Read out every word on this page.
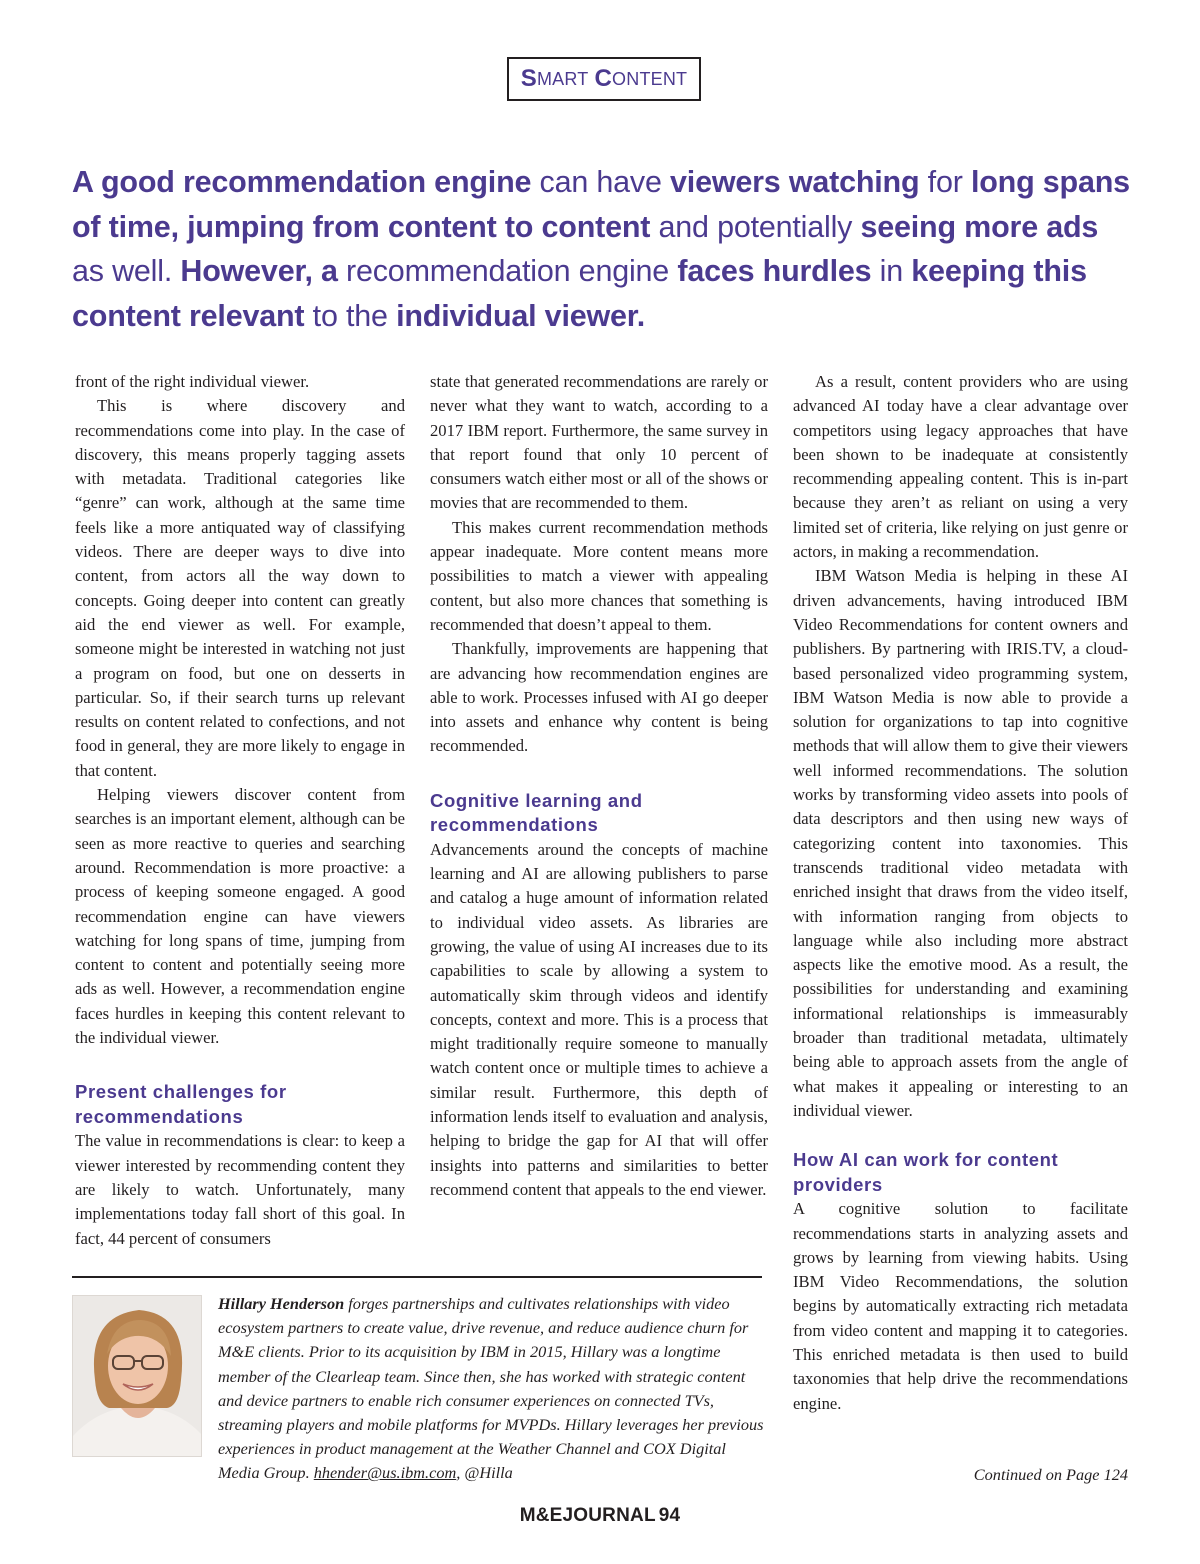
S MART
C ONTENT

A good recommendation engine can have viewers watching for long spans of time, jumping from content to content and potentially seeing more ads as well. However, a recommendation engine faces hurdles in keeping this content relevant to the individual viewer.

front of the right individual viewer.

This is where discovery and recommendations come into play. In the case of discovery, this means properly tagging assets with metadata. Traditional categories like “genre” can work, although at the same time feels like a more antiquated way of classifying videos. There are deeper ways to dive into content, from actors all the way down to concepts. Going deeper into content can greatly aid the end viewer as well. For example, someone might be interested in watching not just a program on food, but one on desserts in particular. So, if their search turns up relevant results on content related to confections, and not food in general, they are more likely to engage in that content.

Helping viewers discover content from searches is an important element, although can be seen as more reactive to queries and searching around. Recommendation is more proactive: a process of keeping someone engaged. A good recommendation engine can have viewers watching for long spans of time, jumping from content to content and potentially seeing more ads as well. However, a recommendation engine faces hurdles in keeping this content relevant to the individual viewer.

Present challenges for recommendations

The value in recommendations is clear: to keep a viewer interested by recommending content they are likely to watch. Unfortunately, many implementations today fall short of this goal. In fact, 44 percent of consumers

state that generated recommendations are rarely or never what they want to watch, according to a 2017 IBM report. Furthermore, the same survey in that report found that only 10 percent of consumers watch either most or all of the shows or movies that are recommended to them.

This makes current recommendation methods appear inadequate. More content means more possibilities to match a viewer with appealing content, but also more chances that something is recommended that doesn’t appeal to them.

Thankfully, improvements are happening that are advancing how recommendation engines are able to work. Processes infused with AI go deeper into assets and enhance why content is being recommended.

Cognitive learning and recommendations

Advancements around the concepts of machine learning and AI are allowing publishers to parse and catalog a huge amount of information related to individual video assets. As libraries are growing, the value of using AI increases due to its capabilities to scale by allowing a system to automatically skim through videos and identify concepts, context and more. This is a process that might traditionally require someone to manually watch content once or multiple times to achieve a similar result. Furthermore, this depth of information lends itself to evaluation and analysis, helping to bridge the gap for AI that will offer insights into patterns and similarities to better recommend content that appeals to the end viewer.

As a result, content providers who are using advanced AI today have a clear advantage over competitors using legacy approaches that have been shown to be inadequate at consistently recommending appealing content. This is in-part because they aren’t as reliant on using a very limited set of criteria, like relying on just genre or actors, in making a recommendation.

IBM Watson Media is helping in these AI driven advancements, having introduced IBM Video Recommendations for content owners and publishers. By partnering with IRIS.TV, a cloud-based personalized video programming system, IBM Watson Media is now able to provide a solution for organizations to tap into cognitive methods that will allow them to give their viewers well informed recommendations. The solution works by transforming video assets into pools of data descriptors and then using new ways of categorizing content into taxonomies. This transcends traditional video metadata with enriched insight that draws from the video itself, with information ranging from objects to language while also including more abstract aspects like the emotive mood. As a result, the possibilities for understanding and examining informational relationships is immeasurably broader than traditional metadata, ultimately being able to approach assets from the angle of what makes it appealing or interesting to an individual viewer.

How AI can work for content providers

A cognitive solution to facilitate recommendations starts in analyzing assets and grows by learning from viewing habits. Using IBM Video Recommendations, the solution begins by automatically extracting rich metadata from video content and mapping it to categories. This enriched metadata is then used to build taxonomies that help drive the recommendations engine.

Hillary Henderson forges partnerships and cultivates relationships with video ecosystem partners to create value, drive revenue, and reduce audience churn for M&E clients. Prior to its acquisition by IBM in 2015, Hillary was a longtime member of the Clearleap team. Since then, she has worked with strategic content and device partners to enable rich consumer experiences on connected TVs, streaming players and mobile platforms for MVPDs. Hillary leverages her previous experiences in product management at the Weather Channel and COX Digital Media Group. hhender@us.ibm.com, @Hilla	Continued on Page 124
M&EJOURNAL 94
